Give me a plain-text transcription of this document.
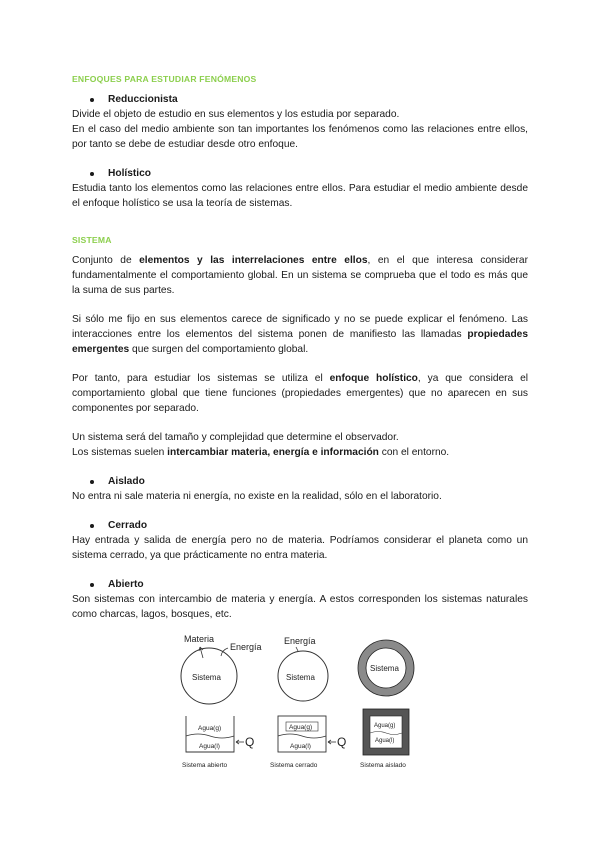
ENFOQUES PARA ESTUDIAR FENÓMENOS
Reduccionista

Divide el objeto de estudio en sus elementos y los estudia por separado.

En el caso del medio ambiente son tan importantes los fenómenos como las relaciones entre ellos, por tanto se debe de estudiar desde otro enfoque.

Holístico

Estudia tanto los elementos como las relaciones entre ellos. Para estudiar el medio ambiente desde el enfoque holístico se usa la teoría de sistemas.

SISTEMA

Conjunto de elementos y las interrelaciones entre ellos, en el que interesa considerar fundamentalmente el comportamiento global. En un sistema se comprueba que el todo es más que la suma de sus partes.

Si sólo me fijo en sus elementos carece de significado y no se puede explicar el fenómeno. Las interacciones entre los elementos del sistema ponen de manifiesto las llamadas propiedades emergentes que surgen del comportamiento global.

Por tanto, para estudiar los sistemas se utiliza el enfoque holístico, ya que considera el comportamiento global que tiene funciones (propiedades emergentes) que no aparecen en sus componentes por separado.

Un sistema será del tamaño y complejidad que determine el observador.

Los sistemas suelen intercambiar materia, energía e información con el entorno.

Aislado

No entra ni sale materia ni energía, no existe en la realidad, sólo en el laboratorio.

Cerrado

Hay entrada y salida de energía pero no de materia. Podríamos considerar el planeta como un sistema cerrado, ya que prácticamente no entra materia.

Abierto

Son sistemas con intercambio de materia y energía. A estos corresponden los sistemas naturales como charcas, lagos, bosques, etc.

Materia
Energía
Sistema
Energía
Sistema
Sistema
Agua(g)
Agua(l) Q
Sistema abierto
Agua(g)
Agua(l) Q
Sistema cerrado
Agua(g)
Agua(l)
Sistema aislado
